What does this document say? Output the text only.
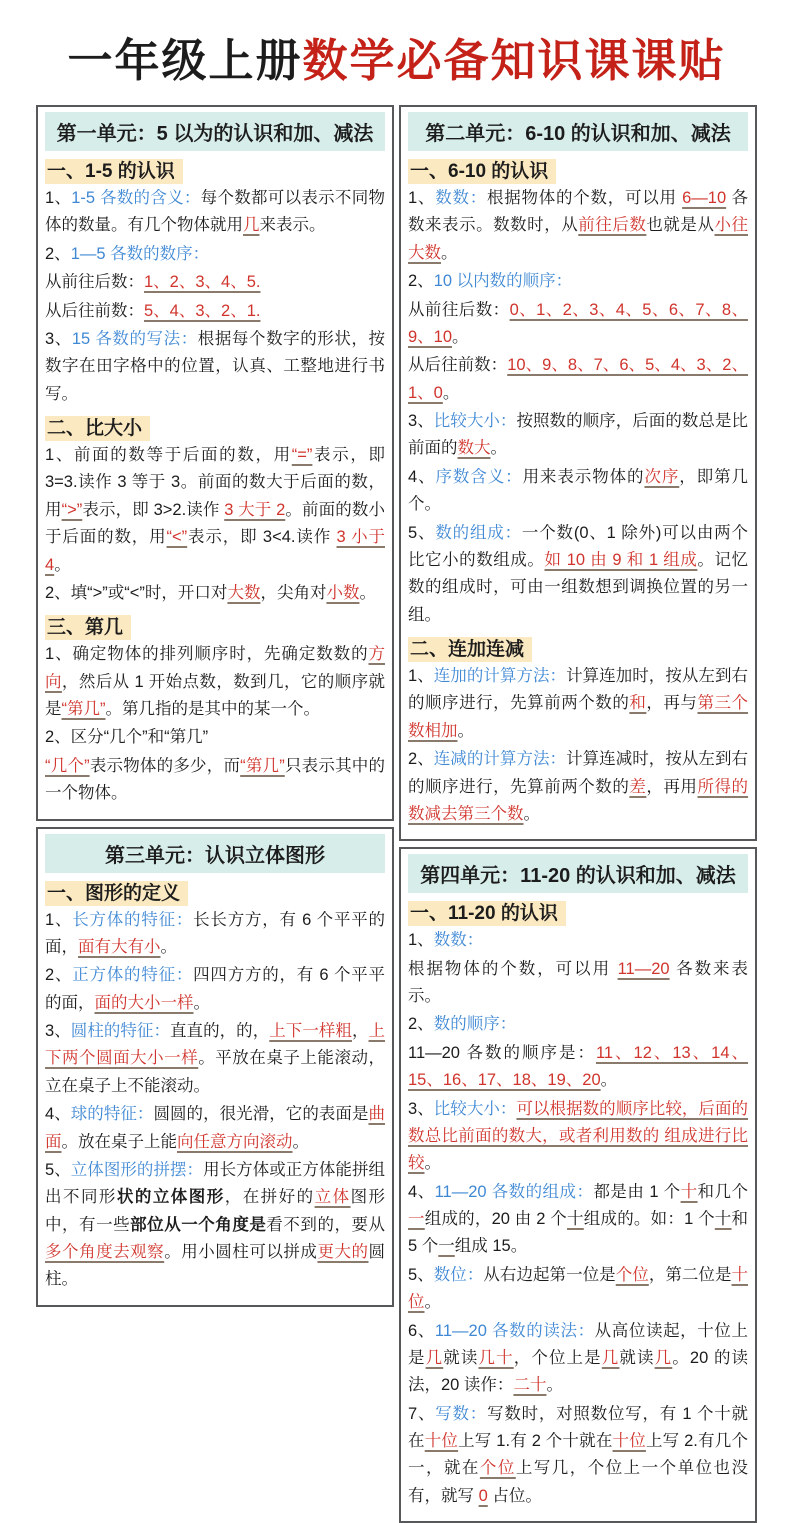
一年级上册数学必备知识课课贴
第一单元：5 以为的认识和加、减法
一、1-5 的认识
1、1-5 各数的含义：每个数都可以表示不同物体的数量。有几个物体就用几来表示。
2、1—5 各数的数序：
从前往后数：1、2、3、4、5.
从后往前数：5、4、3、2、1.
3、15 各数的写法：根据每个数字的形状，按数字在田字格中的位置，认真、工整地进行书写。
二、比大小
1、前面的数等于后面的数，用“=”表示，即 3=3.读作 3 等于 3。前面的数大于后面的数，用“>”表示，即 3>2.读作 3 大于 2。前面的数小于后面的数，用“<”表示，即 3<4.读作 3 小于 4。
2、填“>”或“<”时，开口对大数，尖角对小数。
三、第几
1、确定物体的排列顺序时，先确定数数的方向，然后从 1 开始点数，数到几，它的顺序就是“第几”。第几指的是其中的某一个。
2、区分“几个”和“第几”
“几个”表示物体的多少，而“第几”只表示其中的一个物体。
第三单元：认识立体图形
一、图形的定义
1、长方体的特征：长长方方，有 6 个平平的面，面有大有小。
2、正方体的特征：四四方方的，有 6 个平平的面，面的大小一样。
3、圆柱的特征：直直的，的，上下一样粗，上下两个圆面大小一样。平放在桌子上能滚动，立在桌子上不能滚动。
4、球的特征：圆圆的，很光滑，它的表面是曲面。放在桌子上能向任意方向滚动。
5、立体图形的拼摆：用长方体或正方体能拼组出不同形状的立体图形，在拼好的立体图形中，有一些部位从一个角度是看不到的，要从多个角度去观察。用小圆柱可以拼成更大的圆柱。
第二单元：6-10 的认识和加、减法
一、6-10 的认识
1、数数：根据物体的个数，可以用 6—10 各数来表示。数数时，从前往后数也就是从小往大数。
2、10 以内数的顺序：
从前往后数：0、1、2、3、4、5、6、7、8、9、10。
从后往前数：10、9、8、7、6、5、4、3、2、1、0。
3、比较大小：按照数的顺序，后面的数总是比前面的数大。
4、序数含义：用来表示物体的次序，即第几个。
5、数的组成：一个数(0、1 除外)可以由两个比它小的数组成。如 10 由 9 和 1 组成。记忆数的组成时，可由一组数想到调换位置的另一组。
二、连加连减
1、连加的计算方法：计算连加时，按从左到右的顺序进行，先算前两个数的和，再与第三个数相加。
2、连减的计算方法：计算连减时，按从左到右的顺序进行，先算前两个数的差，再用所得的数减去第三个数。
第四单元：11-20 的认识和加、减法
一、11-20 的认识
1、数数：
根据物体的个数，可以用 11—20 各数来表示。
2、数的顺序：
11—20 各数的顺序是：11、12、13、14、15、16、17、18、19、20。
3、比较大小：可以根据数的顺序比较，后面的数总比前面的数大，或者利用数的 组成进行比较。
4、11—20 各数的组成：都是由 1 个十和几个一组成的，20 由 2 个十组成的。如：1 个十和 5 个一组成 15。
5、数位：从右边起第一位是个位，第二位是十位。
6、11—20 各数的读法：从高位读起，十位上是几就读几十，个位上是几就读几。20 的读法，20 读作：二十。
7、写数：写数时，对照数位写，有 1 个十就在十位上写 1.有 2 个十就在十位上写 2.有几个一，就在个位上写几，个位上一个单位也没有，就写 0 占位。
